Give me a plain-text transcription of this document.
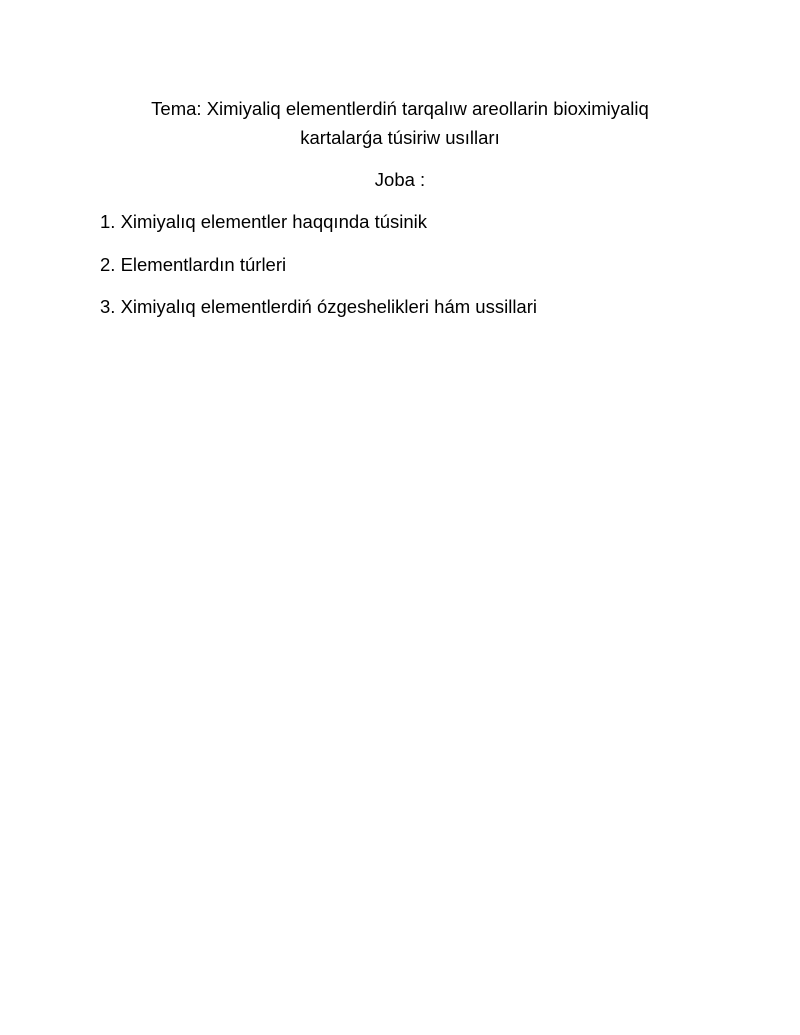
Tema: Ximiyaliq elementlerdiń tarqalıw areollarin bioximiyaliq
kartalarǵa túsiriw usılları
Joba :
1. Ximiyalıq elementler haqqında túsinik
2. Elementlardın túrleri
3. Ximiyalıq elementlerdiń ózgeshelikleri hám ussillari
